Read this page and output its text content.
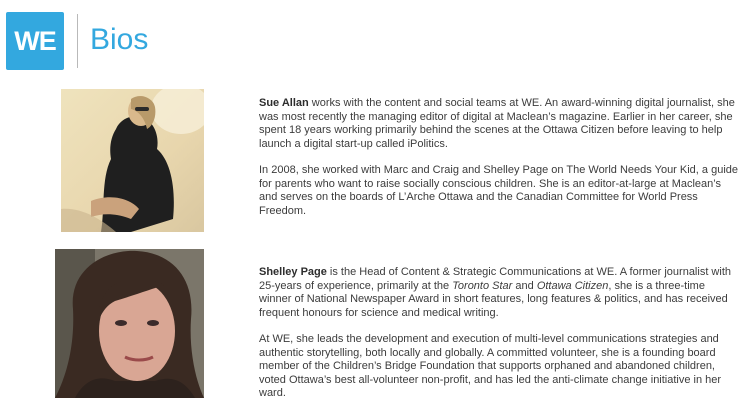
WE Bios

Sue Allan works with the content and social teams at WE. An award-winning digital journalist, she was most recently the managing editor of digital at Maclean’s magazine. Earlier in her career, she spent 18 years working primarily behind the scenes at the Ottawa Citizen before leaving to help launch a digital start-up called iPolitics.

In 2008, she worked with Marc and Craig and Shelley Page on The World Needs Your Kid, a guide for parents who want to raise socially conscious children. She is an editor-at-large at Maclean’s and serves on the boards of L’Arche Ottawa and the Canadian Committee for World Press Freedom.

Shelley Page is the Head of Content & Strategic Communications at WE. A former journalist with 25-years of experience, primarily at the Toronto Star and Ottawa Citizen, she is a three-time winner of National Newspaper Award in short features, long features & politics, and has received frequent honours for science and medical writing.

At WE, she leads the development and execution of multi-level communications strategies and authentic storytelling, both locally and globally. A committed volunteer, she is a founding board member of the Children’s Bridge Foundation that supports orphaned and abandoned children, voted Ottawa’s best all-volunteer non-profit, and has led the anti-climate change initiative in her ward.
